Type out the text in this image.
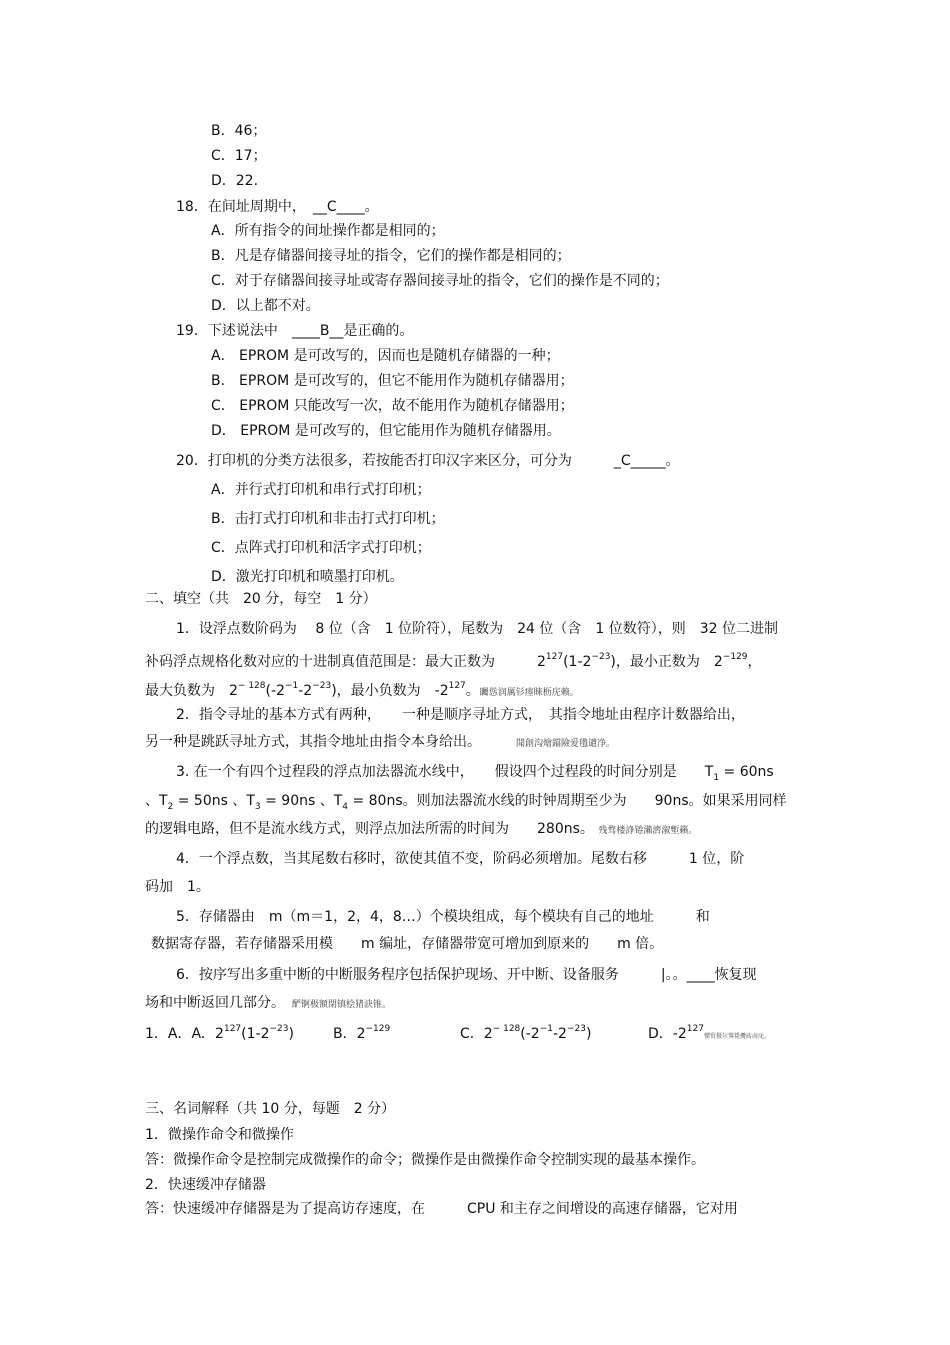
B．46；
C．17；
D．22.
18．在间址周期中，　__C____。
A．所有指令的间址操作都是相同的；
B．凡是存储器间接寻址的指令，它们的操作都是相同的；
C．对于存储器间接寻址或寄存器间接寻址的指令，它们的操作是不同的；
D．以上都不对。
19．下述说法中　____B__是正确的。
A． EPROM 是可改写的，因而也是随机存储器的一种；
B． EPROM 是可改写的，但它不能用作为随机存储器用；
C． EPROM 只能改写一次，故不能用作为随机存储器用；
D． EPROM 是可改写的，但它能用作为随机存储器用。
20．打印机的分类方法很多，若按能否打印汉字来区分，可分为　　　_C_____。
A．并行式打印机和串行式打印机；
B．击打式打印机和非击打式打印机；
C．点阵式打印机和活字式打印机；
D．激光打印机和喷墨打印机。
二、填空（共　20 分，每空　1 分）
1．设浮点数阶码为　 8 位（含　1 位阶符），尾数为　24 位（含　1 位数符），则　32 位二进制
补码浮点规格化数对应的十进制真值范围是：最大正数为　　　$2^{127}(1-2^{-23})$，最小正数为　$2^{-129}$，
最大负数为　$2^{- 128}(-2^{-1}-2^{-23})$，最小负数为　$-2^{127}$。矚慫润厲钐瘗睞枥庑赖。
2．指令寻址的基本方式有两种，　　一种是顺序寻址方式，　其指令地址由程序计数器给出，
另一种是跳跃寻址方式，其指令地址由指令本身给出。　　　	聞創沟燴鐺險爱氇谴净。
3. 在一个有四个过程段的浮点加法器流水线中，　　假设四个过程段的时间分别是　　$T_1 = 60ns$
、$T_2 = 50ns$ 、$T_3 = 90ns$ 、$T_4 = 80ns$。则加法器流水线的时钟周期至少为　　90ns。如果采用同样
的逻辑电路，但不是流水线方式，则浮点加法所需的时间为　　280ns。 残骛楼諍锩瀨濟溆塹籟。
4．一个浮点数，当其尾数右移时，欲使其值不变，阶码必须增加。尾数右移　　　1 位，阶
码加　1。
5．存储器由　m（m＝1，2，4，8…）个模块组成，每个模块有自己的地址　　　和
数据寄存器，若存储器采用模　　m 编址，存储器带宽可增加到原来的　　m 倍。
6．按序写出多重中断的中断服务程序包括保护现场、开中断、设备服务　　　|。。____恢复现
场和中断返回几部分。　 酽锕极額閉镇桧猪訣锥。
1．A．A．$2^{127}(1-2^{-23})$	B．$2^{-129}$	C．$2^{- 128}(-2^{-1}-2^{-23})$	D．$-2^{127}$彈贸摄尔霁毙攬砖卤庑。
三、名词解释（共 10 分，每题　2 分）
1．微操作命令和微操作
答：微操作命令是控制完成微操作的命令；微操作是由微操作命令控制实现的最基本操作。
2．快速缓冲存储器
答：快速缓冲存储器是为了提高访存速度，在　　　CPU 和主存之间增设的高速存储器，它对用
